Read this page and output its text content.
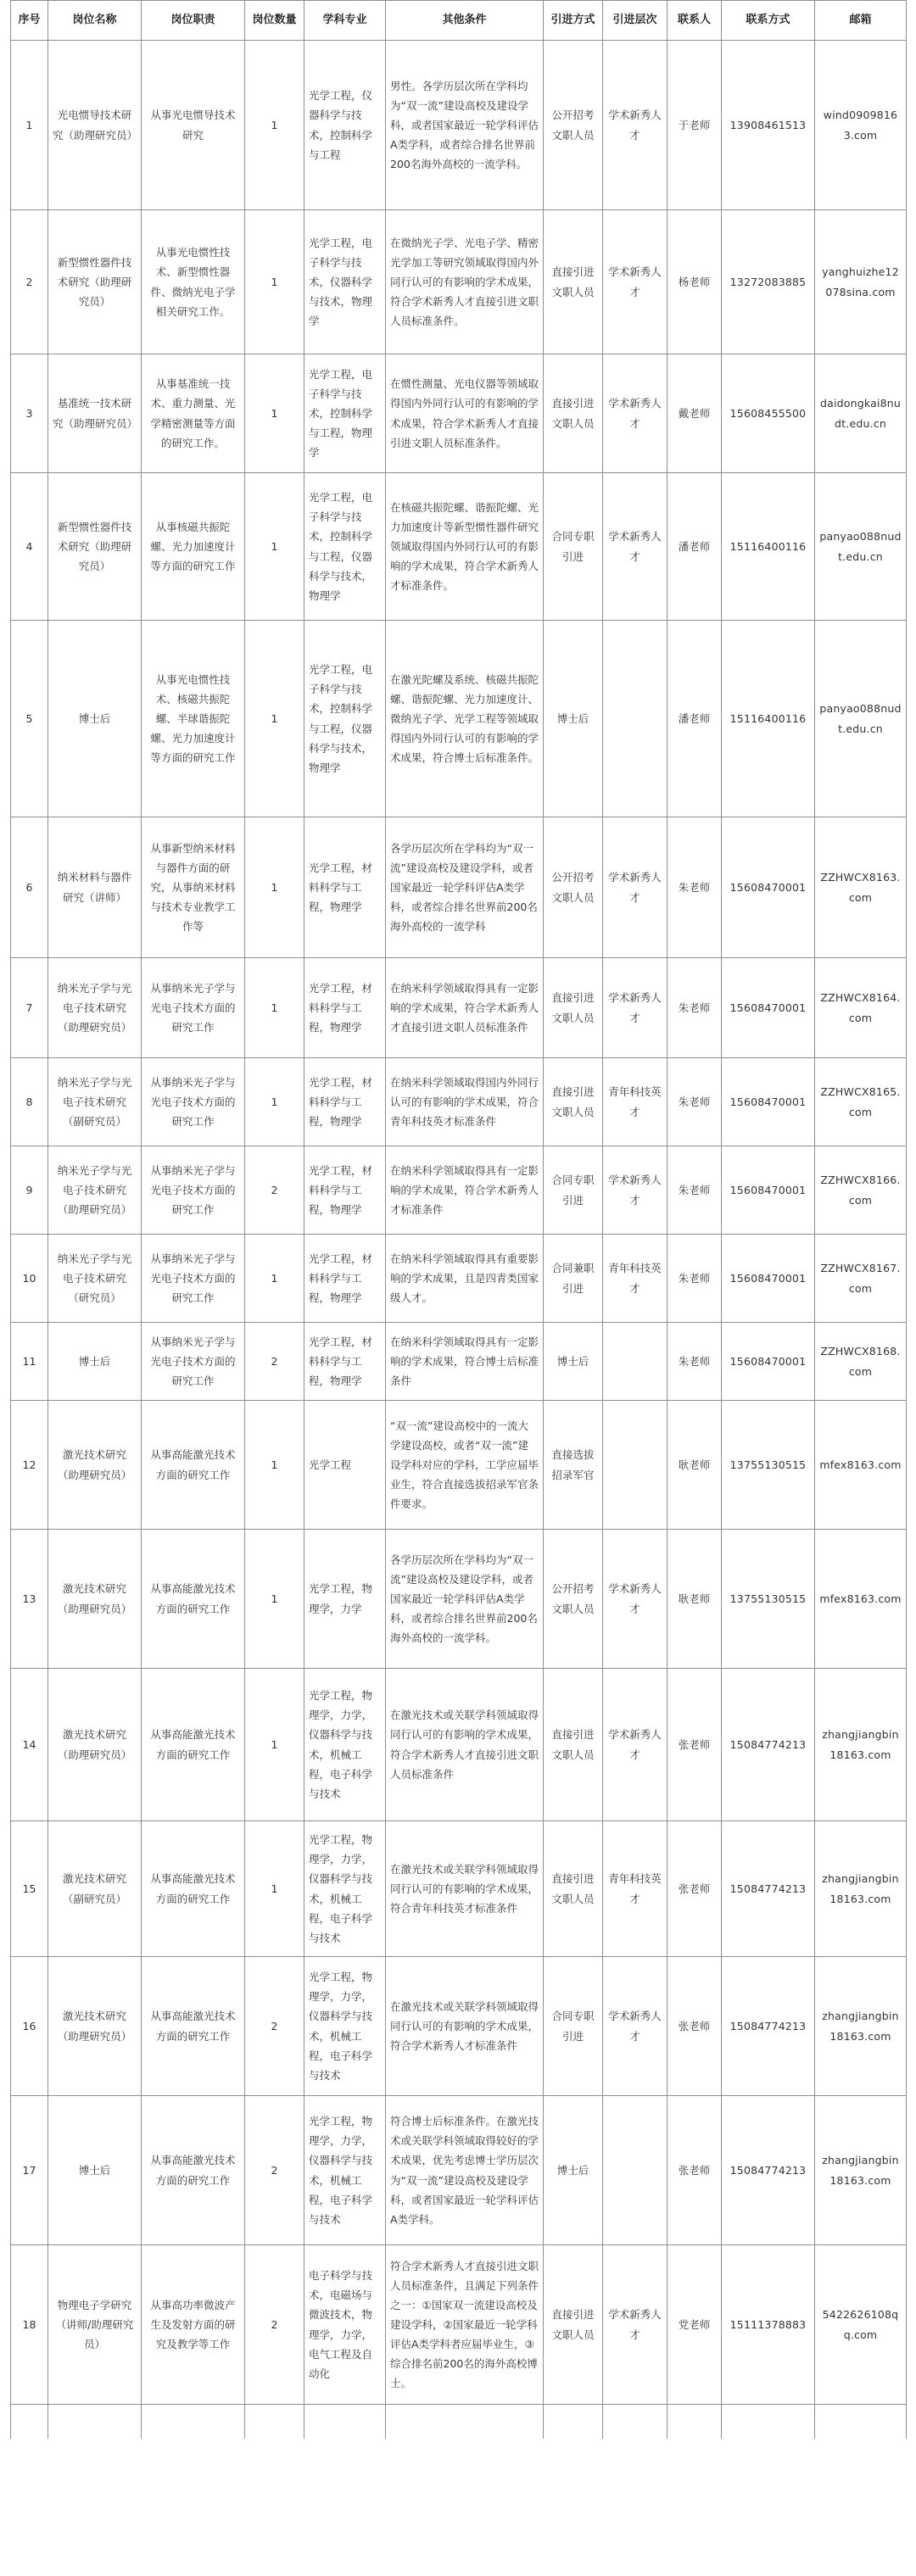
序号	岗位名称	岗位职责	岗位数量	学科专业	其他条件	引进方式	引进层次	联系人	联系方式	邮箱
1	光电惯导技术研究（助理研究员）	从事光电惯导技术研究	1	光学工程，仪器科学与技术，控制科学与工程	男性。各学历层次所在学科均为“双一流”建设高校及建设学科，或者国家最近一轮学科评估A类学科，或者综合排名世界前200名海外高校的一流学科。	公开招考文职人员	学术新秀人才	于老师	13908461513	wind09098163.com
2	新型惯性器件技术研究（助理研究员）	从事光电惯性技术、新型惯性器件、微纳光电子学相关研究工作。	1	光学工程，电子科学与技术，仪器科学与技术，物理学	在微纳光子学、光电子学、精密光学加工等研究领域取得国内外同行认可的有影响的学术成果，符合学术新秀人才直接引进文职人员标准条件。	直接引进文职人员	学术新秀人才	杨老师	13272083885	yanghuizhe12078sina.com
3	基准统一技术研究（助理研究员）	从事基准统一技术、重力测量、光学精密测量等方面的研究工作。	1	光学工程，电子科学与技术，控制科学与工程，物理学	在惯性测量、光电仪器等领域取得国内外同行认可的有影响的学术成果，符合学术新秀人才直接引进文职人员标准条件。	直接引进文职人员	学术新秀人才	戴老师	15608455500	daidongkai8nudt.edu.cn
4	新型惯性器件技术研究（助理研究员）	从事核磁共振陀螺、光力加速度计等方面的研究工作	1	光学工程，电子科学与技术，控制科学与工程，仪器科学与技术，物理学	在核磁共振陀螺、谐振陀螺、光力加速度计等新型惯性器件研究领域取得国内外同行认可的有影响的学术成果，符合学术新秀人才标准条件。	合同专职引进	学术新秀人才	潘老师	15116400116	panyao088nudt.edu.cn
5	博士后	从事光电惯性技术、核磁共振陀螺、半球谐振陀螺、光力加速度计等方面的研究工作	1	光学工程，电子科学与技术，控制科学与工程，仪器科学与技术，物理学	在激光陀螺及系统、核磁共振陀螺、谐振陀螺、光力加速度计、微纳光子学、光学工程等领域取得国内外同行认可的有影响的学术成果，符合博士后标准条件。	博士后		潘老师	15116400116	panyao088nudt.edu.cn
6	纳米材料与器件研究（讲师）	从事新型纳米材料与器件方面的研究，从事纳米材料与技术专业教学工作等	1	光学工程，材料科学与工程，物理学	各学历层次所在学科均为“双一流”建设高校及建设学科，或者国家最近一轮学科评估A类学科，或者综合排名世界前200名海外高校的一流学科	公开招考文职人员	学术新秀人才	朱老师	15608470001	ZZHWCX8163.com
7	纳米光子学与光电子技术研究（助理研究员）	从事纳米光子学与光电子技术方面的研究工作	1	光学工程，材料科学与工程，物理学	在纳米科学领域取得具有一定影响的学术成果，符合学术新秀人才直接引进文职人员标准条件	直接引进文职人员	学术新秀人才	朱老师	15608470001	ZZHWCX8164.com
8	纳米光子学与光电子技术研究（副研究员）	从事纳米光子学与光电子技术方面的研究工作	1	光学工程，材料科学与工程，物理学	在纳米科学领域取得国内外同行认可的有影响的学术成果，符合青年科技英才标准条件	直接引进文职人员	青年科技英才	朱老师	15608470001	ZZHWCX8165.com
9	纳米光子学与光电子技术研究（助理研究员）	从事纳米光子学与光电子技术方面的研究工作	2	光学工程，材料科学与工程，物理学	在纳米科学领域取得具有一定影响的学术成果，符合学术新秀人才标准条件	合同专职引进	学术新秀人才	朱老师	15608470001	ZZHWCX8166.com
10	纳米光子学与光电子技术研究（研究员）	从事纳米光子学与光电子技术方面的研究工作	1	光学工程，材料科学与工程，物理学	在纳米科学领域取得具有重要影响的学术成果，且是四青类国家级人才。	合同兼职引进	青年科技英才	朱老师	15608470001	ZZHWCX8167.com
11	博士后	从事纳米光子学与光电子技术方面的研究工作	2	光学工程，材料科学与工程，物理学	在纳米科学领域取得具有一定影响的学术成果，符合博士后标准条件	博士后		朱老师	15608470001	ZZHWCX8168.com
12	激光技术研究（助理研究员）	从事高能激光技术方面的研究工作	1	光学工程	“双一流”建设高校中的一流大学建设高校，或者“双一流”建设学科对应的学科，工学应届毕业生，符合直接选拔招录军官条件要求。	直接选拔招录军官		耿老师	13755130515	mfex8163.com
13	激光技术研究（助理研究员）	从事高能激光技术方面的研究工作	1	光学工程，物理学，力学	各学历层次所在学科均为“双一流”建设高校及建设学科，或者国家最近一轮学科评估A类学科，或者综合排名世界前200名海外高校的一流学科。	公开招考文职人员	学术新秀人才	耿老师	13755130515	mfex8163.com
14	激光技术研究（助理研究员）	从事高能激光技术方面的研究工作	1	光学工程，物理学，力学，仪器科学与技术，机械工程，电子科学与技术	在激光技术或关联学科领域取得同行认可的有影响的学术成果，符合学术新秀人才直接引进文职人员标准条件	直接引进文职人员	学术新秀人才	张老师	15084774213	zhangjiangbin18163.com
15	激光技术研究（副研究员）	从事高能激光技术方面的研究工作	1	光学工程，物理学，力学，仪器科学与技术，机械工程，电子科学与技术	在激光技术或关联学科领域取得同行认可的有影响的学术成果，符合青年科技英才标准条件	直接引进文职人员	青年科技英才	张老师	15084774213	zhangjiangbin18163.com
16	激光技术研究（助理研究员）	从事高能激光技术方面的研究工作	2	光学工程，物理学，力学，仪器科学与技术，机械工程，电子科学与技术	在激光技术或关联学科领域取得同行认可的有影响的学术成果，符合学术新秀人才标准条件	合同专职引进	学术新秀人才	张老师	15084774213	zhangjiangbin18163.com
17	博士后	从事高能激光技术方面的研究工作	2	光学工程，物理学，力学，仪器科学与技术，机械工程，电子科学与技术	符合博士后标准条件。在激光技术或关联学科领域取得较好的学术成果，优先考虑博士学历层次为“双一流”建设高校及建设学科，或者国家最近一轮学科评估A类学科。	博士后		张老师	15084774213	zhangjiangbin18163.com
18	物理电子学研究（讲师/助理研究员）	从事高功率微波产生及发射方面的研究及教学等工作	2	电子科学与技术，电磁场与微波技术，物理学，力学，电气工程及自动化	符合学术新秀人才直接引进文职人员标准条件，且满足下列条件之一：①国家双一流建设高校及建设学科，②国家最近一轮学科评估A类学科者应届毕业生，③综合排名前200名的海外高校博士。	直接引进文职人员	学术新秀人才	党老师	15111378883	5422626108qq.com
